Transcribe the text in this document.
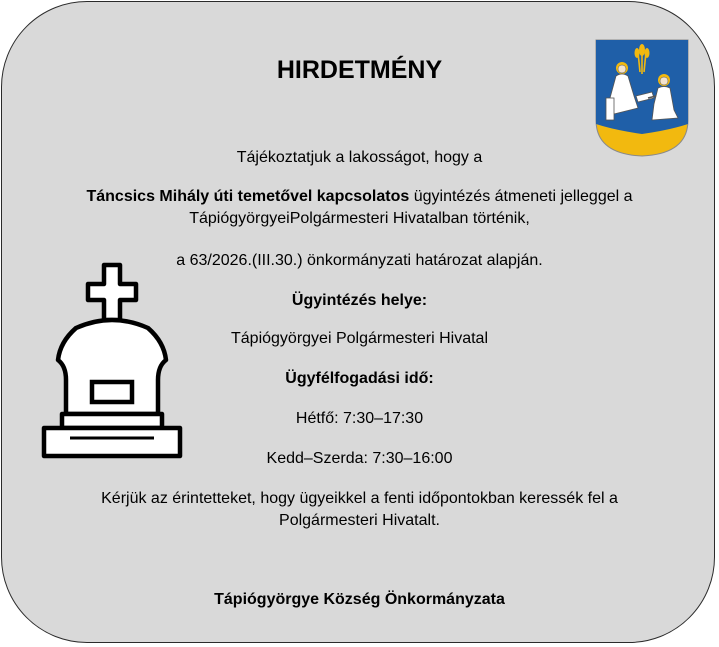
HIRDETMÉNY
Tájékoztatjuk a lakosságot, hogy a
Táncsics Mihály úti temetővel kapcsolatos ügyintézés átmeneti jelleggel a
TápiógyörgyeiPolgármesteri Hivatalban történik,
a 63/2026.(III.30.) önkormányzati határozat alapján.
Ügyintézés helye:
Tápiógyörgyei Polgármesteri Hivatal
Ügyfélfogadási idő:
Hétfő: 7:30–17:30
Kedd–Szerda: 7:30–16:00
Kérjük az érintetteket, hogy ügyeikkel a fenti időpontokban keressék fel a
Polgármesteri Hivatalt.
Tápiógyörgye Község Önkormányzata
